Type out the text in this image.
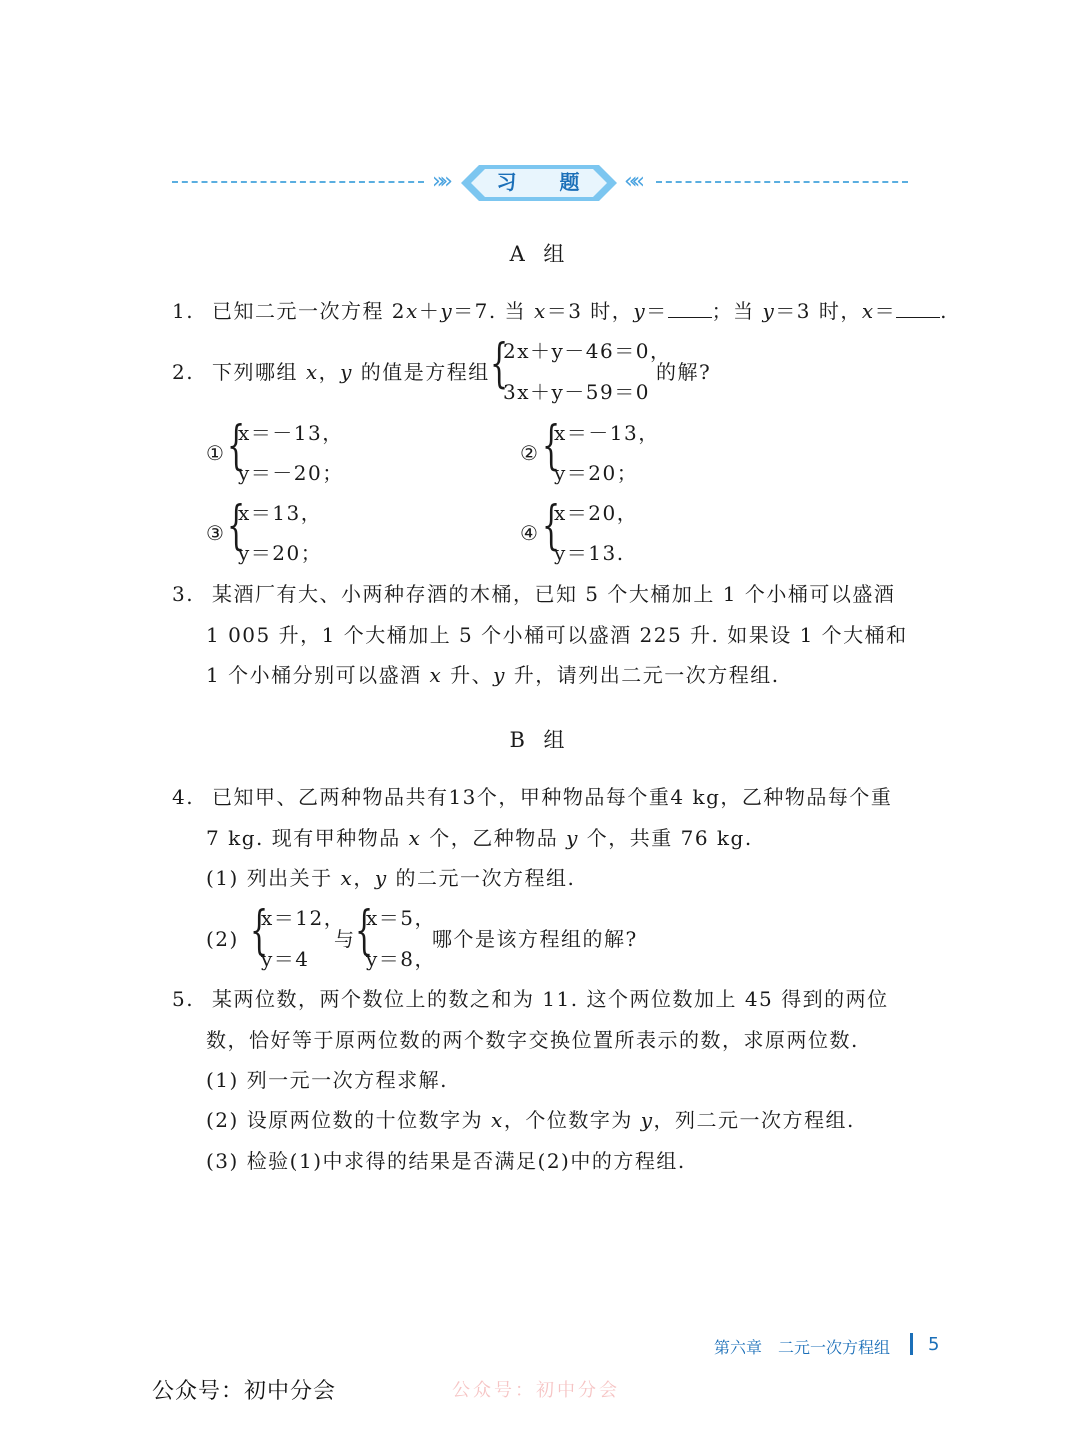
»»	习 题	««
A 组
1. 已知二元一次方程 2x＋y＝7. 当 x＝3 时，y＝ ；当 y＝3 时，x＝ .
2. 下列哪组 x，y 的值是方程组 {
2x＋y－46＝0，
3x＋y－59＝0
的解?
① {
x＝－13，
y＝－20；
② {
x＝－13，
y＝20；
③ {
x＝13，
y＝20；
④ {
x＝20，
y＝13.
3. 某酒厂有大、小两种存酒的木桶，已知 5 个大桶加上 1 个小桶可以盛酒
1 005 升，1 个大桶加上 5 个小桶可以盛酒 225 升. 如果设 1 个大桶和
1 个小桶分别可以盛酒 x 升、y 升，请列出二元一次方程组.
B 组
4. 已知甲、乙两种物品共有13个，甲种物品每个重4 kg，乙种物品每个重
7 kg. 现有甲种物品 x 个，乙种物品 y 个，共重 76 kg.
(1) 列出关于 x，y 的二元一次方程组.
(2) {
x＝12，
y＝4
与 {
x＝5，
y＝8，
哪个是该方程组的解?
5. 某两位数，两个数位上的数之和为 11. 这个两位数加上 45 得到的两位
数，恰好等于原两位数的两个数字交换位置所表示的数，求原两位数.
(1) 列一元一次方程求解.
(2) 设原两位数的十位数字为 x，个位数字为 y，列二元一次方程组.
(3) 检验(1)中求得的结果是否满足(2)中的方程组.
第六章　二元一次方程组 5
公众号：初中分会	公众号：初中分会
